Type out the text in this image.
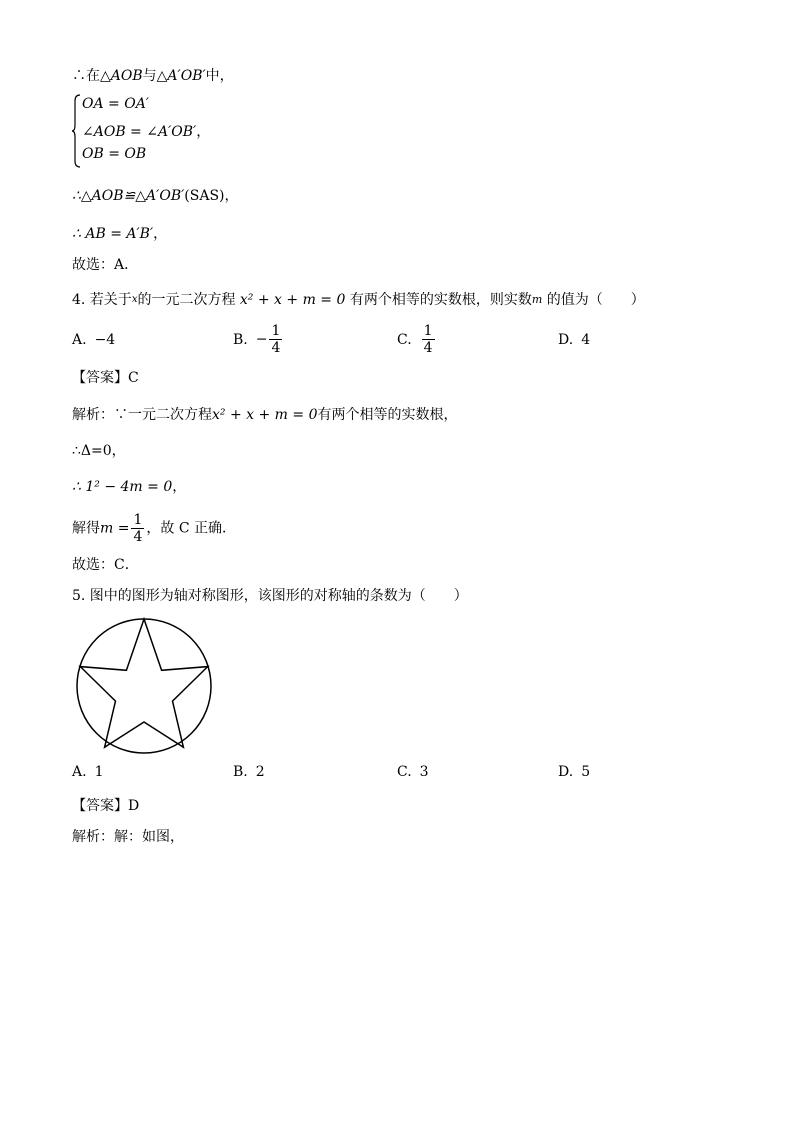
∴在△AOB与△A′OB′中，
OA = OA′
∠AOB = ∠A′OB′，
OB = OB
∴△AOB≌△A′OB′(SAS)，
∴ AB = A′B′，
故选：A．
4. 若关于$^x$的一元二次方程 x² + x + m = 0 有两个相等的实数根，则实数$^m$ 的值为（　　）
A. −4	B. − $\frac{1}{4}$	C. $\frac{1}{4}$	D. 4
【答案】C
解析：∵一元二次方程x² + x + m = 0有两个相等的实数根，
∴Δ=0，
∴ 1² − 4m = 0，
解得$m = \frac{1}{4}$ ，故 C 正确．
故选：C．
5. 图中的图形为轴对称图形，该图形的对称轴的条数为（　　）
A. 1	B. 2	C. 3	D. 5
【答案】D
解析：解：如图，
